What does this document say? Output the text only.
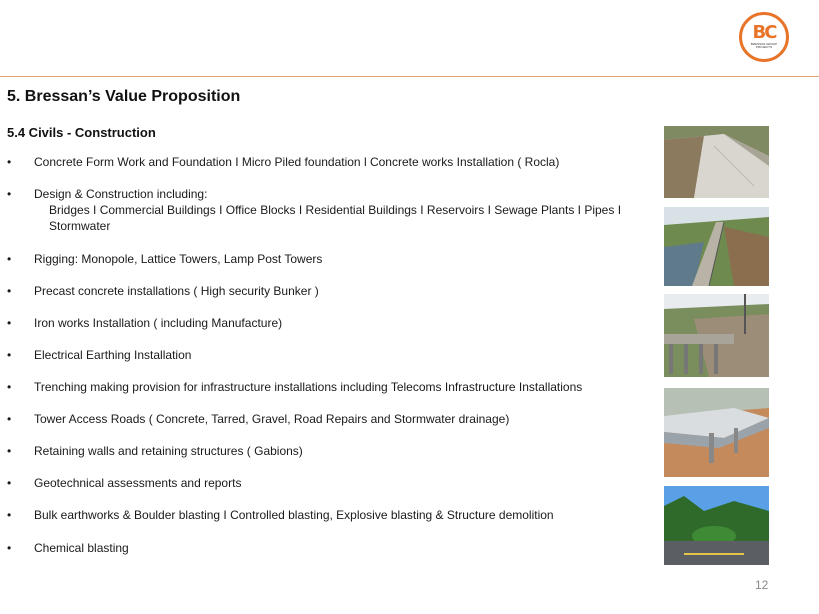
BC
BRESSAN GROUP PROJECTS
5. Bressan’s Value Proposition
5.4 Civils - Construction
• Concrete Form Work and Foundation I Micro Piled foundation l Concrete works Installation ( Rocla)
• Design & Construction including:
Bridges I Commercial Buildings I Office Blocks I Residential Buildings I Reservoirs I Sewage Plants I Pipes I Stormwater
• Rigging: Monopole, Lattice Towers, Lamp Post Towers
• Precast concrete installations ( High security Bunker )
• Iron works Installation ( including Manufacture)
• Electrical Earthing Installation
• Trenching making provision for infrastructure installations including Telecoms Infrastructure Installations
• Tower Access Roads ( Concrete, Tarred, Gravel, Road Repairs and Stormwater drainage)
• Retaining walls and retaining structures ( Gabions)
• Geotechnical assessments and reports
• Bulk earthworks & Boulder blasting I Controlled blasting, Explosive blasting & Structure demolition
• Chemical blasting
12
